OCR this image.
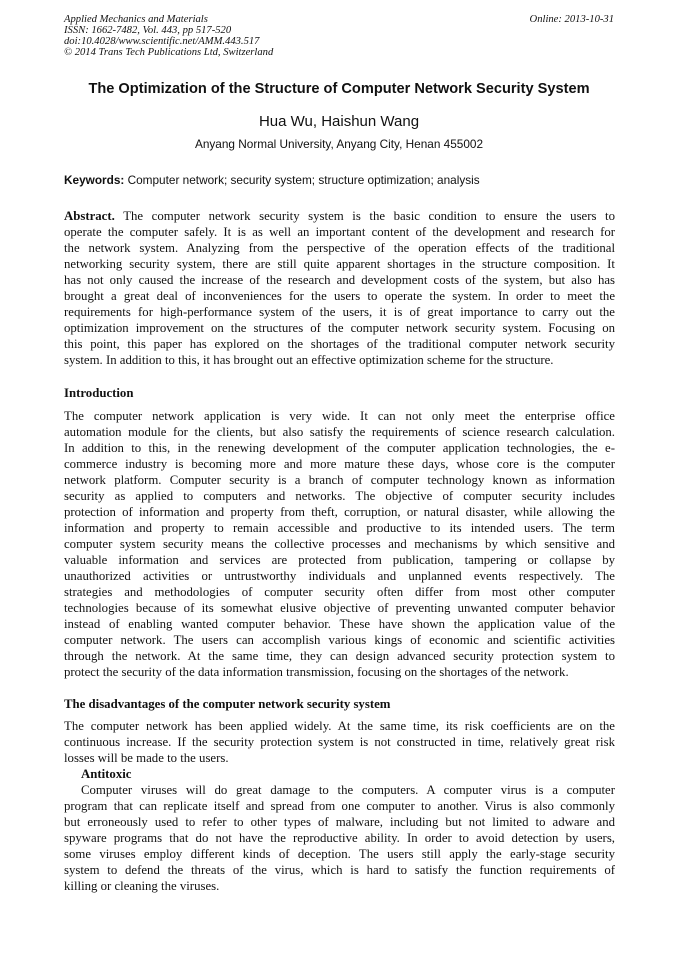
Applied Mechanics and Materials
ISSN: 1662-7482, Vol. 443, pp 517-520
doi:10.4028/www.scientific.net/AMM.443.517
© 2014 Trans Tech Publications Ltd, Switzerland
Online: 2013-10-31
The Optimization of the Structure of Computer Network Security System
Hua Wu, Haishun Wang
Anyang Normal University, Anyang City, Henan 455002
Keywords: Computer network; security system; structure optimization; analysis
Abstract. The computer network security system is the basic condition to ensure the users to
operate the computer safely. It is as well an important content of the development and research for
the network system. Analyzing from the perspective of the operation effects of the traditional
networking security system, there are still quite apparent shortages in the structure composition. It
has not only caused the increase of the research and development costs of the system, but also has
brought a great deal of inconveniences for the users to operate the system. In order to meet the
requirements for high-performance system of the users, it is of great importance to carry out the
optimization improvement on the structures of the computer network security system. Focusing on
this point, this paper has explored on the shortages of the traditional computer network security
system. In addition to this, it has brought out an effective optimization scheme for the structure.
Introduction
The computer network application is very wide. It can not only meet the enterprise office
automation module for the clients, but also satisfy the requirements of science research calculation.
In addition to this, in the renewing development of the computer application technologies, the e-
commerce industry is becoming more and more mature these days, whose core is the computer
network platform. Computer security is a branch of computer technology known as information
security as applied to computers and networks. The objective of computer security includes
protection of information and property from theft, corruption, or natural disaster, while allowing the
information and property to remain accessible and productive to its intended users. The term
computer system security means the collective processes and mechanisms by which sensitive and
valuable information and services are protected from publication, tampering or collapse by
unauthorized activities or untrustworthy individuals and unplanned events respectively. The
strategies and methodologies of computer security often differ from most other computer
technologies because of its somewhat elusive objective of preventing unwanted computer behavior
instead of enabling wanted computer behavior. These have shown the application value of the
computer network. The users can accomplish various kings of economic and scientific activities
through the network. At the same time, they can design advanced security protection system to
protect the security of the data information transmission, focusing on the shortages of the network.
The disadvantages of the computer network security system
The computer network has been applied widely. At the same time, its risk coefficients are on the
continuous increase. If the security protection system is not constructed in time, relatively great risk
losses will be made to the users.
Antitoxic
Computer viruses will do great damage to the computers. A computer virus is a computer
program that can replicate itself and spread from one computer to another. Virus is also commonly
but erroneously used to refer to other types of malware, including but not limited to adware and
spyware programs that do not have the reproductive ability. In order to avoid detection by users,
some viruses employ different kinds of deception. The users still apply the early-stage security
system to defend the threats of the virus, which is hard to satisfy the function requirements of
killing or cleaning the viruses.
